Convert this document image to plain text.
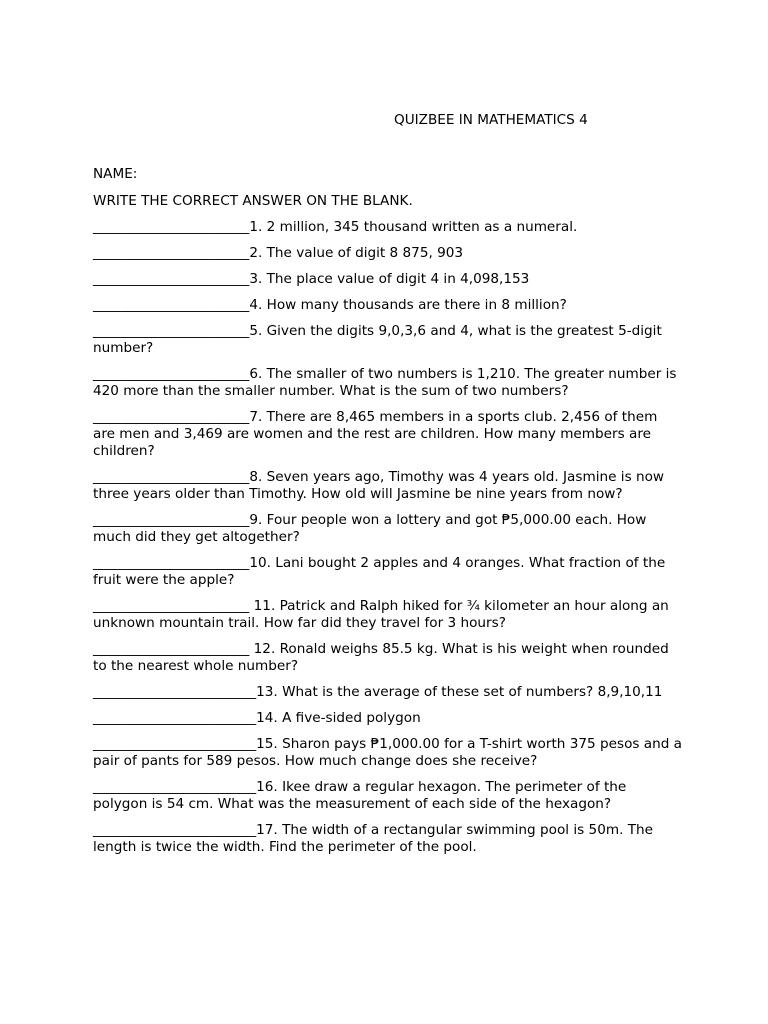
QUIZBEE IN MATHEMATICS 4

NAME:

WRITE THE CORRECT ANSWER ON THE BLANK.

_______________________1. 2 million, 345 thousand written as a numeral.

_______________________2. The value of digit 8 875, 903

_______________________3. The place value of digit 4 in 4,098,153

_______________________4. How many thousands are there in 8 million?

_______________________5. Given the digits 9,0,3,6 and 4, what is the greatest 5-digit number?

_______________________6. The smaller of two numbers is 1,210. The greater number is 420 more than the smaller number. What is the sum of two numbers?

_______________________7. There are 8,465 members in a sports club. 2,456 of them are men and 3,469 are women and the rest are children. How many members are children?

_______________________8. Seven years ago, Timothy was 4 years old. Jasmine is now three years older than Timothy. How old will Jasmine be nine years from now?

_______________________9. Four people won a lottery and got ₱5,000.00 each. How much did they get altogether?

_______________________10. Lani bought 2 apples and 4 oranges. What fraction of the fruit were the apple?

_______________________ 11. Patrick and Ralph hiked for ¾ kilometer an hour along an unknown mountain trail. How far did they travel for 3 hours?

_______________________ 12. Ronald weighs 85.5 kg. What is his weight when rounded to the nearest whole number?

________________________13. What is the average of these set of numbers? 8,9,10,11

________________________14. A five-sided polygon

________________________15. Sharon pays ₱1,000.00 for a T-shirt worth 375 pesos and a pair of pants for 589 pesos. How much change does she receive?

________________________16. Ikee draw a regular hexagon. The perimeter of the polygon is 54 cm. What was the measurement of each side of the hexagon?

________________________17. The width of a rectangular swimming pool is 50m. The length is twice the width. Find the perimeter of the pool.
